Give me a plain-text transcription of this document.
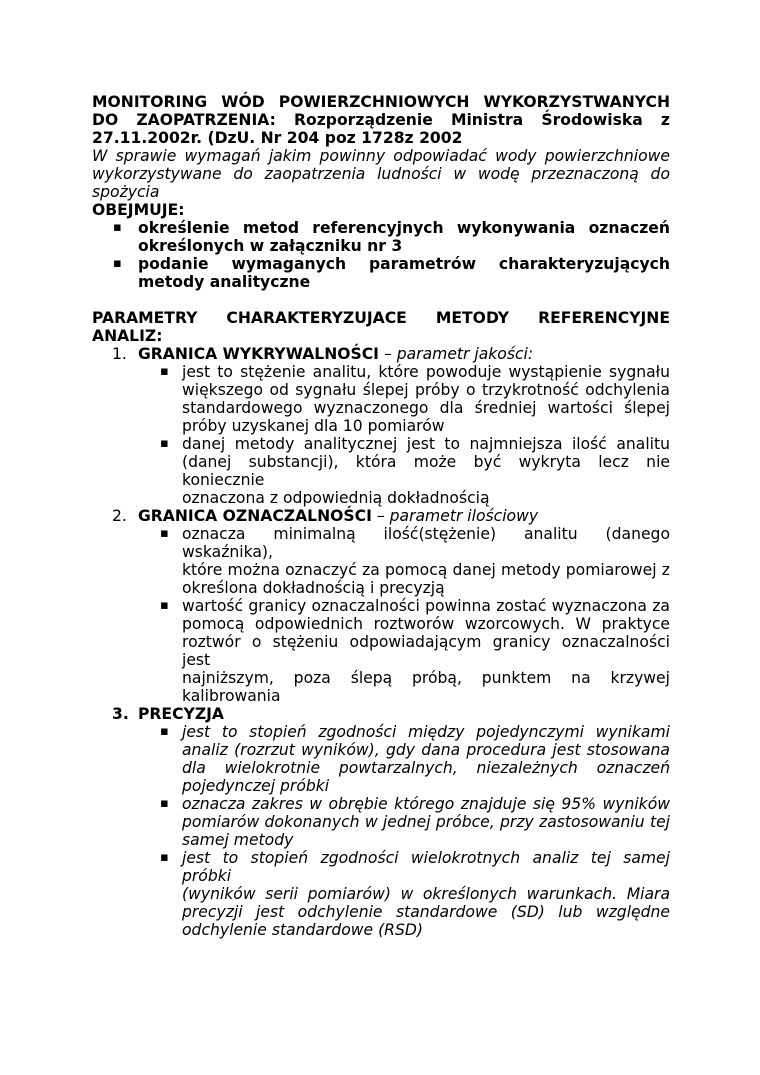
MONITORING WÓD POWIERZCHNIOWYCH WYKORZYSTWANYCH
DO ZAOPATRZENIA: Rozporządzenie Ministra Środowiska z
27.11.2002r. (DzU. Nr 204 poz 1728z 2002
W sprawie wymagań jakim powinny odpowiadać wody powierzchniowe
wykorzystywane do zaopatrzenia ludności w wodę przeznaczoną do
spożycia
OBEJMUJE:
▪ określenie metod referencyjnych wykonywania oznaczeń
określonych w załączniku nr 3
▪ podanie wymaganych parametrów charakteryzujących
metody analityczne
PARAMETRY CHARAKTERYZUJACE METODY REFERENCYJNE
ANALIZ:
1. GRANICA WYKRYWALNOŚCI – parametr jakości:
▪ jest to stężenie analitu, które powoduje wystąpienie sygnału
większego od sygnału ślepej próby o trzykrotność odchylenia
standardowego wyznaczonego dla średniej wartości ślepej
próby uzyskanej dla 10 pomiarów
▪ danej metody analitycznej jest to najmniejsza ilość analitu
(danej substancji), która może być wykryta lecz nie koniecznie
oznaczona z odpowiednią dokładnością
2. GRANICA OZNACZALNOŚCI – parametr ilościowy
▪ oznacza minimalną ilość(stężenie) analitu (danego wskaźnika),
które można oznaczyć za pomocą danej metody pomiarowej z
określona dokładnością i precyzją
▪ wartość granicy oznaczalności powinna zostać wyznaczona za
pomocą odpowiednich roztworów wzorcowych. W praktyce
roztwór o stężeniu odpowiadającym granicy oznaczalności jest
najniższym, poza ślepą próbą, punktem na krzywej
kalibrowania
3. PRECYZJA
▪ jest to stopień zgodności między pojedynczymi wynikami
analiz (rozrzut wyników), gdy dana procedura jest stosowana
dla wielokrotnie powtarzalnych, niezależnych oznaczeń
pojedynczej próbki
▪ oznacza zakres w obrębie którego znajduje się 95% wyników
pomiarów dokonanych w jednej próbce, przy zastosowaniu tej
samej metody
▪ jest to stopień zgodności wielokrotnych analiz tej samej próbki
(wyników serii pomiarów) w określonych warunkach. Miara
precyzji jest odchylenie standardowe (SD) lub względne
odchylenie standardowe (RSD)
